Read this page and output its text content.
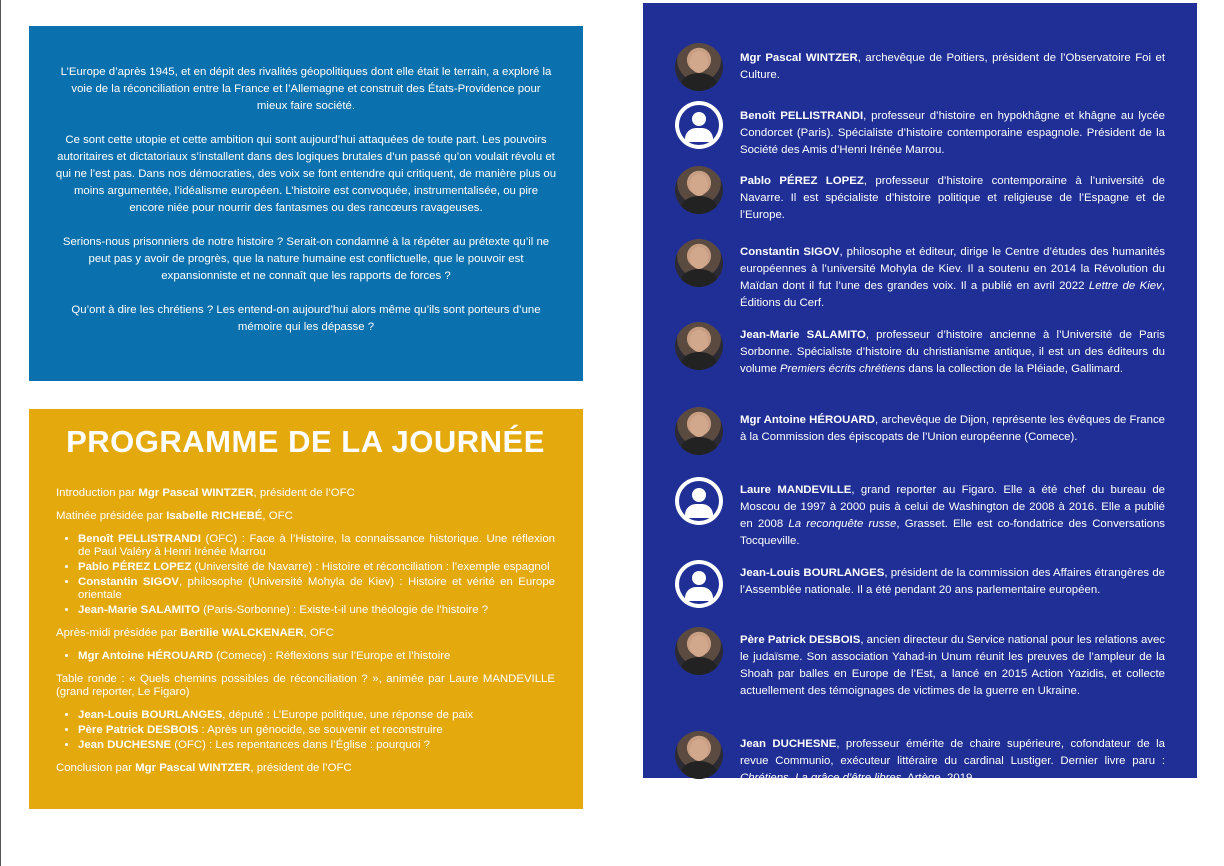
L’Europe d’après 1945, et en dépit des rivalités géopolitiques dont elle était le terrain, a exploré la voie de la réconciliation entre la France et l’Allemagne et construit des États-Providence pour mieux faire société.

Ce sont cette utopie et cette ambition qui sont aujourd’hui attaquées de toute part. Les pouvoirs autoritaires et dictatoriaux s’installent dans des logiques brutales d’un passé qu’on voulait révolu et qui ne l’est pas. Dans nos démocraties, des voix se font entendre qui critiquent, de manière plus ou moins argumentée, l’idéalisme européen. L’histoire est convoquée, instrumentalisée, ou pire encore niée pour nourrir des fantasmes ou des rancœurs ravageuses.

Serions-nous prisonniers de notre histoire ? Serait-on condamné à la répéter au prétexte qu’il ne peut pas y avoir de progrès, que la nature humaine est conflictuelle, que le pouvoir est expansionniste et ne connaît que les rapports de forces ?

Qu’ont à dire les chrétiens ? Les entend-on aujourd’hui alors même qu’ils sont porteurs d’une mémoire qui les dépasse ?

PROGRAMME DE LA JOURNÉE

Introduction par Mgr Pascal WINTZER, président de l’OFC

Matinée présidée par Isabelle RICHEBÉ, OFC

• Benoît PELLISTRANDI (OFC) : Face à l’Histoire, la connaissance historique. Une réflexion de Paul Valéry à Henri Irénée Marrou
• Pablo PÉREZ LOPEZ (Université de Navarre) : Histoire et réconciliation : l’exemple espagnol
• Constantin SIGOV, philosophe (Université Mohyla de Kiev) : Histoire et vérité en Europe orientale
• Jean-Marie SALAMITO (Paris-Sorbonne) : Existe-t-il une théologie de l’histoire ?

Après-midi présidée par Bertilie WALCKENAER, OFC

• Mgr Antoine HÉROUARD (Comece) : Réflexions sur l’Europe et l’histoire

Table ronde : « Quels chemins possibles de réconciliation ? », animée par Laure MANDEVILLE (grand reporter, Le Figaro)

• Jean-Louis BOURLANGES, député : L’Europe politique, une réponse de paix
• Père Patrick DESBOIS : Après un génocide, se souvenir et reconstruire
• Jean DUCHESNE (OFC) : Les repentances dans l’Église : pourquoi ?

Conclusion par Mgr Pascal WINTZER, président de l’OFC

Mgr Pascal WINTZER, archevêque de Poitiers, président de l’Observatoire Foi et Culture.

Benoît PELLISTRANDI, professeur d’histoire en hypokhâgne et khâgne au lycée Condorcet (Paris). Spécialiste d’histoire contemporaine espagnole. Président de la Société des Amis d’Henri Irénée Marrou.

Pablo PÉREZ LOPEZ, professeur d’histoire contemporaine à l’université de Navarre. Il est spécialiste d’histoire politique et religieuse de l’Espagne et de l’Europe.

Constantin SIGOV, philosophe et éditeur, dirige le Centre d’études des humanités européennes à l’université Mohyla de Kiev. Il a soutenu en 2014 la Révolution du Maïdan dont il fut l’une des grandes voix. Il a publié en avril 2022 Lettre de Kiev, Éditions du Cerf.

Jean-Marie SALAMITO, professeur d’histoire ancienne à l’Université de Paris Sorbonne. Spécialiste d’histoire du christianisme antique, il est un des éditeurs du volume Premiers écrits chrétiens dans la collection de la Pléiade, Gallimard.

Mgr Antoine HÉROUARD, archevêque de Dijon, représente les évêques de France à la Commission des épiscopats de l’Union européenne (Comece).

Laure MANDEVILLE, grand reporter au Figaro. Elle a été chef du bureau de Moscou de 1997 à 2000 puis à celui de Washington de 2008 à 2016. Elle a publié en 2008 La reconquête russe, Grasset. Elle est co-fondatrice des Conversations Tocqueville.

Jean-Louis BOURLANGES, président de la commission des Affaires étrangères de l’Assemblée nationale. Il a été pendant 20 ans parlementaire européen.

Père Patrick DESBOIS, ancien directeur du Service national pour les relations avec le judaïsme. Son association Yahad-in Unum réunit les preuves de l’ampleur de la Shoah par balles en Europe de l’Est, a lancé en 2015 Action Yazidis, et collecte actuellement des témoignages de victimes de la guerre en Ukraine.

Jean DUCHESNE, professeur émérite de chaire supérieure, cofondateur de la revue Communio, exécuteur littéraire du cardinal Lustiger. Dernier livre paru : Chrétiens, La grâce d’être libres, Artège, 2019
